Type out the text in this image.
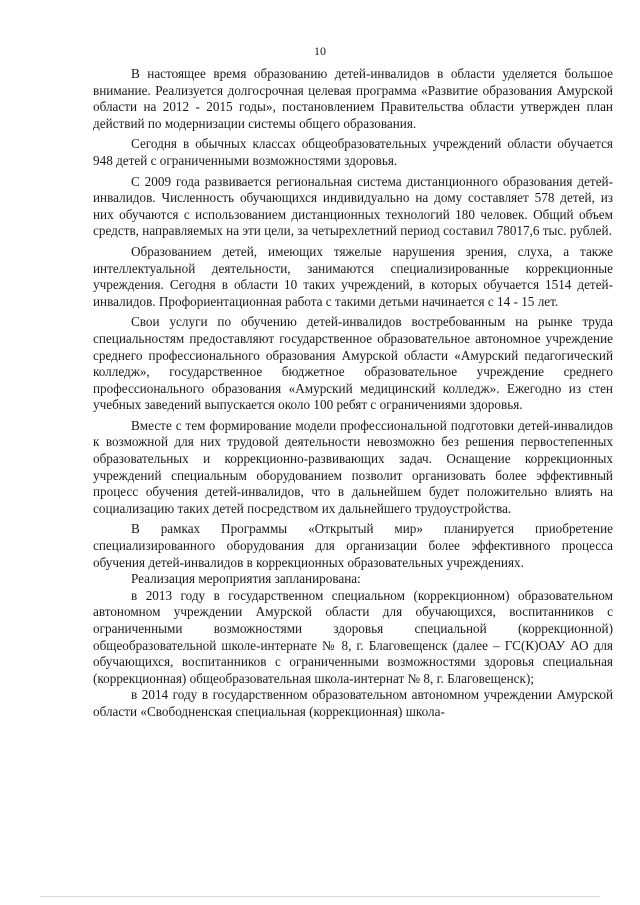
10

В настоящее время образованию детей-инвалидов в области уделяется большое внимание. Реализуется долгосрочная целевая программа «Развитие образования Амурской области на 2012 - 2015 годы», постановлением Правительства области утвержден план действий по модернизации системы общего образования.

Сегодня в обычных классах общеобразовательных учреждений области обучается 948 детей с ограниченными возможностями здоровья.

С 2009 года развивается региональная система дистанционного образования детей-инвалидов. Численность обучающихся индивидуально на дому составляет 578 детей, из них обучаются с использованием дистанционных технологий 180 человек. Общий объем средств, направляемых на эти цели, за четырехлетний период составил 78017,6 тыс. рублей.

Образованием детей, имеющих тяжелые нарушения зрения, слуха, а также интеллектуальной деятельности, занимаются специализированные коррекционные учреждения. Сегодня в области 10 таких учреждений, в которых обучается 1514 детей-инвалидов. Профориентационная работа с такими детьми начинается с 14 - 15 лет.

Свои услуги по обучению детей-инвалидов востребованным на рынке труда специальностям предоставляют государственное образовательное автономное учреждение среднего профессионального образования Амурской области «Амурский педагогический колледж», государственное бюджетное образовательное учреждение среднего профессионального образования «Амурский медицинский колледж». Ежегодно из стен учебных заведений выпускается около 100 ребят с ограничениями здоровья.

Вместе с тем формирование модели профессиональной подготовки детей-инвалидов к возможной для них трудовой деятельности невозможно без решения первостепенных образовательных и коррекционно-развивающих задач. Оснащение коррекционных учреждений специальным оборудованием позволит организовать более эффективный процесс обучения детей-инвалидов, что в дальнейшем будет положительно влиять на социализацию таких детей посредством их дальнейшего трудоустройства.

В рамках Программы «Открытый мир» планируется приобретение специализированного оборудования для организации более эффективного процесса обучения детей-инвалидов в коррекционных образовательных учреждениях.

Реализация мероприятия запланирована:

в 2013 году в государственном специальном (коррекционном) образовательном автономном учреждении Амурской области для обучающихся, воспитанников с ограниченными возможностями здоровья специальной (коррекционной) общеобразовательной школе-интернате № 8, г. Благовещенск (далее – ГС(К)ОАУ АО для обучающихся, воспитанников с ограниченными возможностями здоровья специальная (коррекционная) общеобразовательная школа-интернат № 8, г. Благовещенск);

в 2014 году в государственном образовательном автономном учреждении Амурской области «Свободненская специальная (коррекционная) школа-
